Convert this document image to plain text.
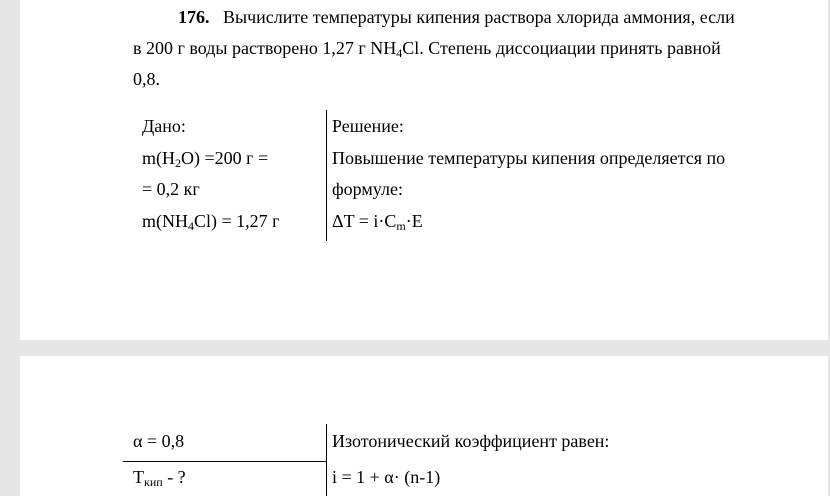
176. Вычислите температуры кипения раствора хлорида аммония, если
в 200 г воды растворено 1,27 г $NH_4Cl$. Степень диссоциации принять равной
0,8.
Дано:
$m(H_2O) =200$ г =
= 0,2 кг
$m(NH_4Cl) = 1,27$ г
Решение:
Повышение температуры кипения определяется по
формуле:
$\Delta T = i\cdot C_m\cdot E$
α = 0,8
$T_{кип}$ - ?
Изотонический коэффициент равен:
i = 1 + α· (n-1)
